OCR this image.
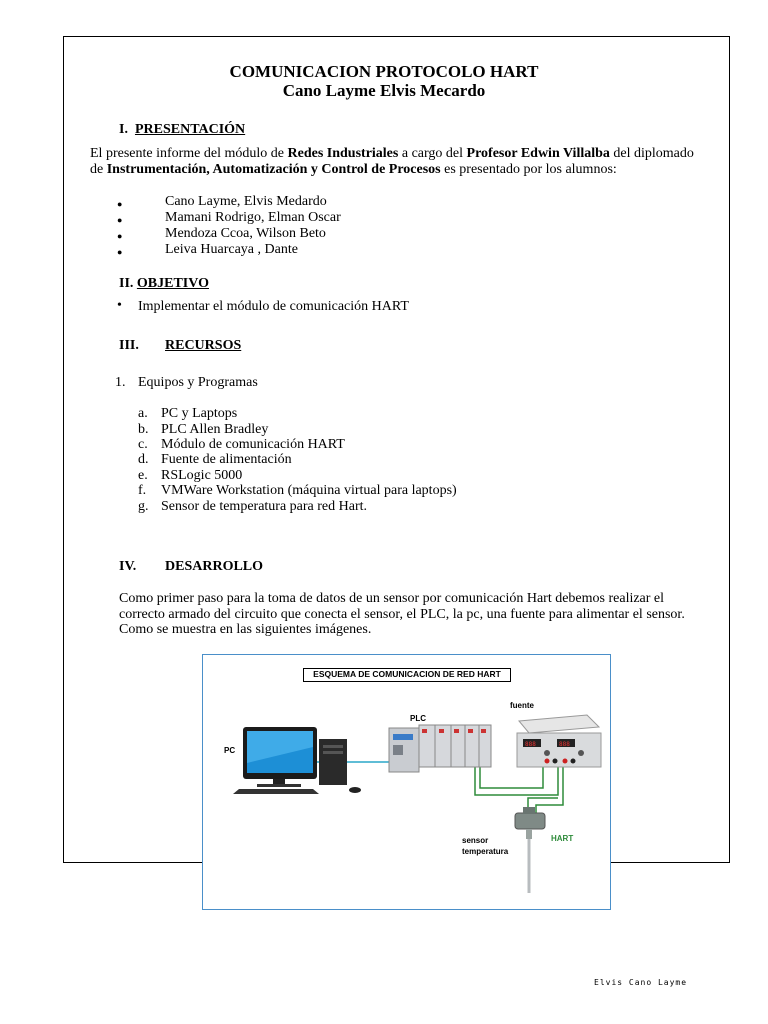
COMUNICACION PROTOCOLO HART
Cano Layme Elvis Mecardo
I. PRESENTACIÓN
El presente informe del módulo de Redes Industriales a cargo del Profesor Edwin Villalba del diplomado
de Instrumentación, Automatización y Control de Procesos es presentado por los alumnos:
●	Cano Layme, Elvis Medardo
●	Mamani Rodrigo, Elman Oscar
●	Mendoza Ccoa, Wilson Beto
●	Leiva Huarcaya , Dante
II. OBJETIVO
• Implementar el módulo de comunicación HART
III. RECURSOS
1. Equipos y Programas
a. PC y Laptops
b. PLC Allen Bradley
c. Módulo de comunicación HART
d. Fuente de alimentación
e. RSLogic 5000
f. VMWare Workstation (máquina virtual para laptops)
g. Sensor de temperatura para red Hart.
IV. DESARROLLO
Como primer paso para la toma de datos de un sensor por comunicación Hart debemos realizar el
correcto armado del circuito que conecta el sensor, el PLC, la pc, una fuente para alimentar el sensor.
Como se muestra en las siguientes imágenes.
ESQUEMA DE COMUNICACION DE RED HART
888	888
PC
PLC
fuente
sensor
temperatura
HART
Elvis Cano Layme
